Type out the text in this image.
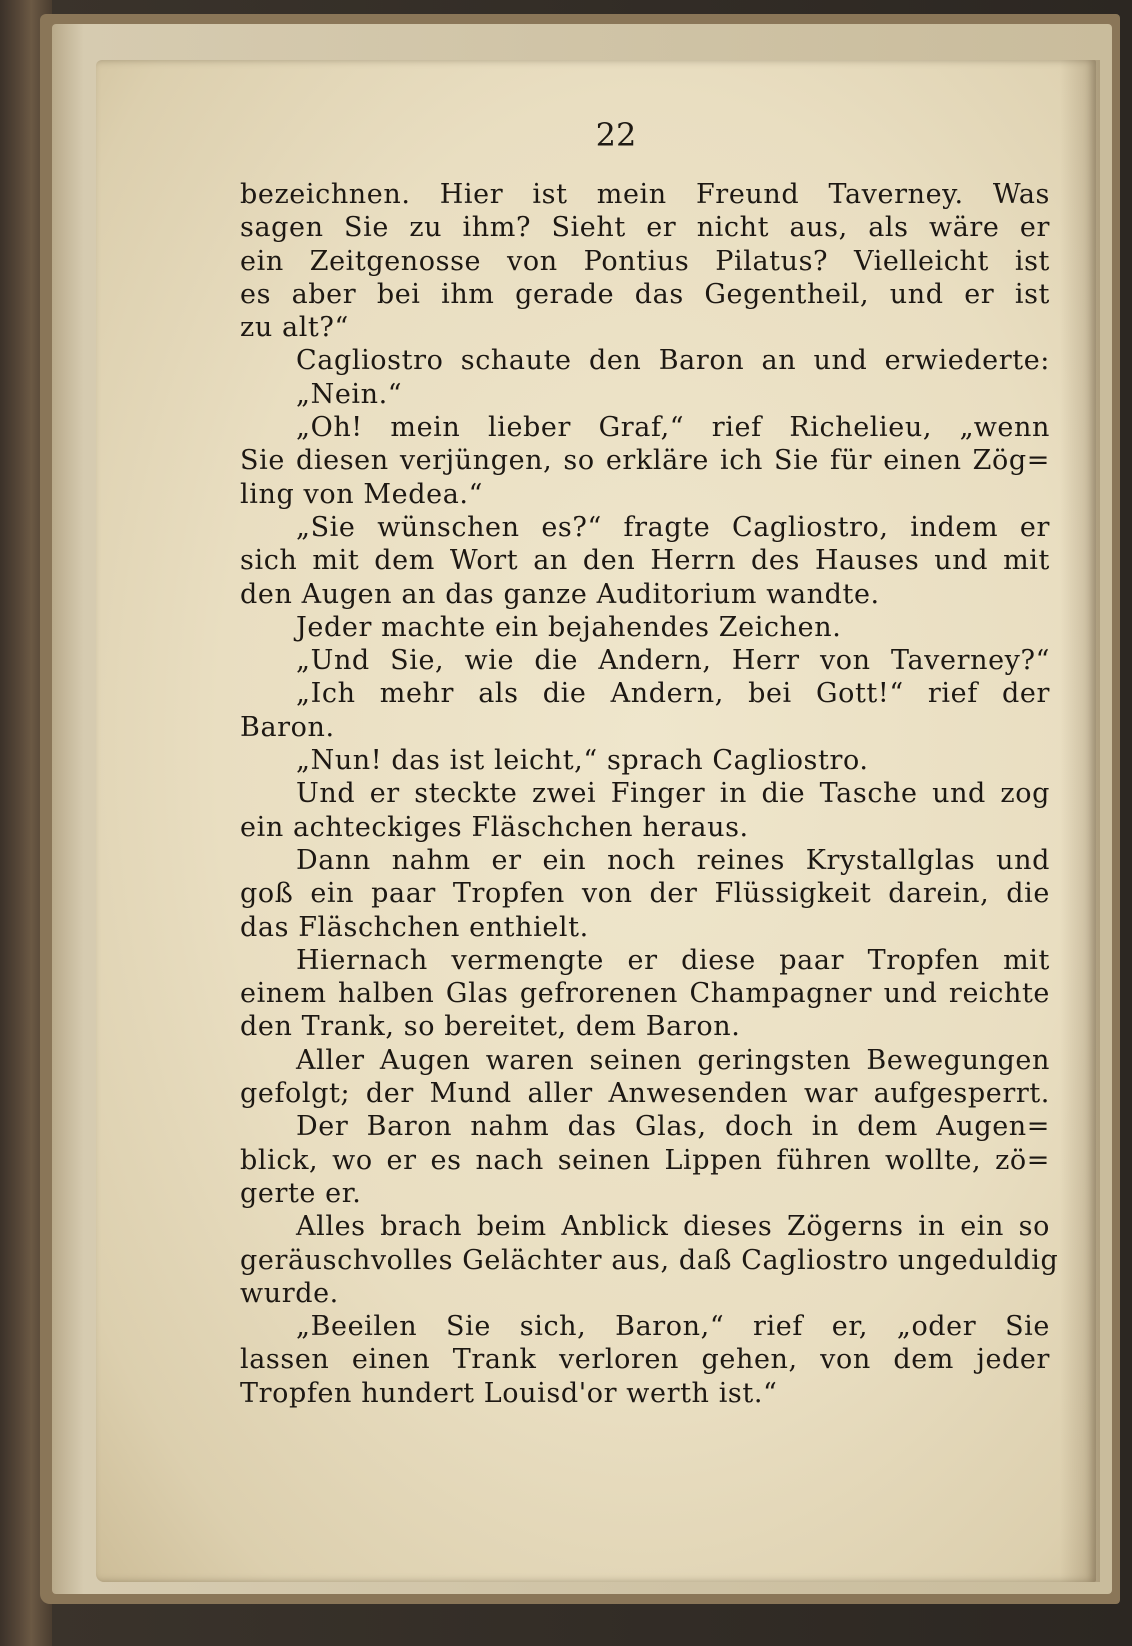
22
bezeichnen. Hier ist mein Freund Taverney. Was
sagen Sie zu ihm? Sieht er nicht aus, als wäre er
ein Zeitgenosse von Pontius Pilatus? Vielleicht ist
es aber bei ihm gerade das Gegentheil, und er ist
zu alt?“
Cagliostro schaute den Baron an und erwiederte:
„Nein.“
„Oh! mein lieber Graf,“ rief Richelieu, „wenn
Sie diesen verjüngen, so erkläre ich Sie für einen Zög=
ling von Medea.“
„Sie wünschen es?“ fragte Cagliostro, indem er
sich mit dem Wort an den Herrn des Hauses und mit
den Augen an das ganze Auditorium wandte.
Jeder machte ein bejahendes Zeichen.
„Und Sie, wie die Andern, Herr von Taverney?“
„Ich mehr als die Andern, bei Gott!“ rief der
Baron.
„Nun! das ist leicht,“ sprach Cagliostro.
Und er steckte zwei Finger in die Tasche und zog
ein achteckiges Fläschchen heraus.
Dann nahm er ein noch reines Krystallglas und
goß ein paar Tropfen von der Flüssigkeit darein, die
das Fläschchen enthielt.
Hiernach vermengte er diese paar Tropfen mit
einem halben Glas gefrorenen Champagner und reichte
den Trank, so bereitet, dem Baron.
Aller Augen waren seinen geringsten Bewegungen
gefolgt; der Mund aller Anwesenden war aufgesperrt.
Der Baron nahm das Glas, doch in dem Augen=
blick, wo er es nach seinen Lippen führen wollte, zö=
gerte er.
Alles brach beim Anblick dieses Zögerns in ein so
geräuschvolles Gelächter aus, daß Cagliostro ungeduldig
wurde.
„Beeilen Sie sich, Baron,“ rief er, „oder Sie
lassen einen Trank verloren gehen, von dem jeder
Tropfen hundert Louisd'or werth ist.“
